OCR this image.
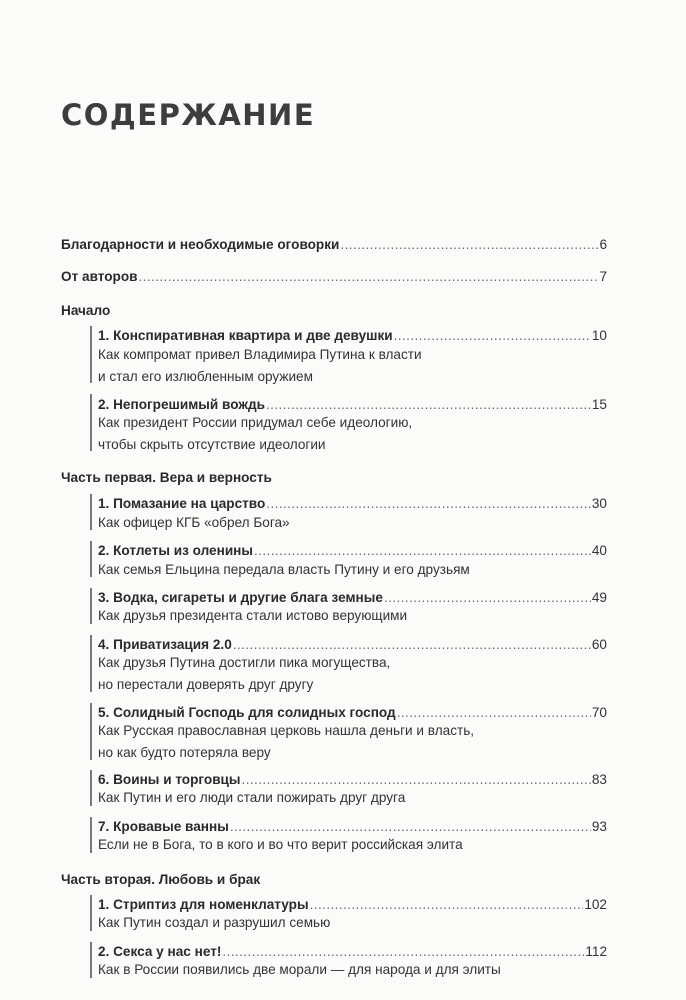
СОДЕРЖАНИЕ
Благодарности и необходимые оговорки .....	6
От авторов .....	7
Начало
1. Конспиративная квартира и две девушки .....	10
Как компромат привел Владимира Путина к власти
и стал его излюбленным оружием
2. Непогрешимый вождь .....	15
Как президент России придумал себе идеологию,
чтобы скрыть отсутствие идеологии
Часть первая. Вера и верность
1. Помазание на царство .....	30
Как офицер КГБ «обрел Бога»
2. Котлеты из оленины .....	40
Как семья Ельцина передала власть Путину и его друзьям
3. Водка, сигареты и другие блага земные .....	49
Как друзья президента стали истово верующими
4. Приватизация 2.0 .....	60
Как друзья Путина достигли пика могущества,
но перестали доверять друг другу
5. Солидный Господь для солидных господ .....	70
Как Русская православная церковь нашла деньги и власть,
но как будто потеряла веру
6. Воины и торговцы .....	83
Как Путин и его люди стали пожирать друг друга
7. Кровавые ванны .....	93
Если не в Бога, то в кого и во что верит российская элита
Часть вторая. Любовь и брак
1. Стриптиз для номенклатуры .....	102
Как Путин создал и разрушил семью
2. Секса у нас нет! .....	112
Как в России появились две морали — для народа и для элиты
